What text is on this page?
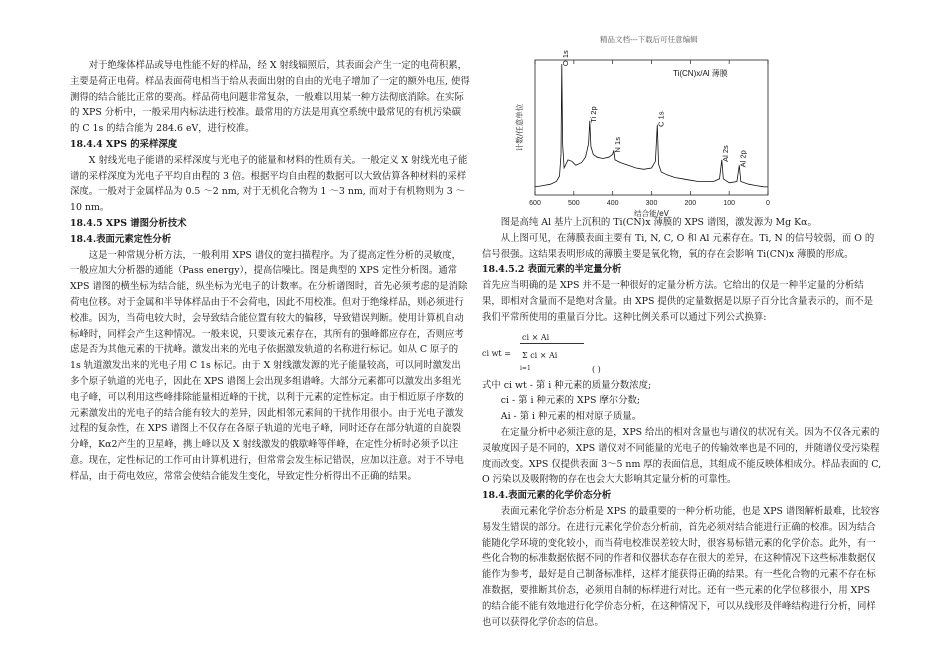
精品文档---下载后可任意编辑

对于绝缘体样品或导电性能不好的样品，经 X 射线辐照后，其表面会产生一定的电荷积累，主要是荷正电荷。样品表面荷电相当于给从表面出射的自由的光电子增加了一定的额外电压, 使得测得的结合能比正常的要高。样品荷电问题非常复杂，一般难以用某一种方法彻底消除。在实际的 XPS 分析中，一般采用内标法进行校准。最常用的方法是用真空系统中最常见的有机污染碳的 C 1s 的结合能为 284.6 eV，进行校准。

18.4.4 XPS 的采样深度

X 射线光电子能谱的采样深度与光电子的能量和材料的性质有关。一般定义 X 射线光电子能谱的采样深度为光电子平均自由程的 3 倍。根据平均自由程的数据可以大致估算各种材料的采样深度。一般对于金属样品为 0.5 ～2 nm, 对于无机化合物为 1 ～3 nm, 而对于有机物则为 3 ～10 nm。

18.4.5 XPS 谱图分析技术

18.4.表面元素定性分析

这是一种常规分析方法，一般利用 XPS 谱仪的宽扫描程序。为了提高定性分析的灵敏度，一般应加大分析器的通能（Pass energy），提高信噪比。图是典型的 XPS 定性分析图。通常 XPS 谱图的横坐标为结合能，纵坐标为光电子的计数率。在分析谱图时，首先必须考虑的是消除荷电位移。对于金属和半导体样品由于不会荷电，因此不用校准。但对于绝缘样品，则必须进行校准。因为，当荷电较大时，会导致结合能位置有较大的偏移，导致错误判断。使用计算机自动标峰时，同样会产生这种情况。一般来说，只要该元素存在，其所有的强峰都应存在，否则应考虑是否为其他元素的干扰峰。激发出来的光电子依据激发轨道的名称进行标记。如从 C 原子的 1s 轨道激发出来的光电子用 C 1s 标记。由于 X 射线激发源的光子能量较高，可以同时激发出多个原子轨道的光电子，因此在 XPS 谱图上会出现多组谱峰。大部分元素都可以激发出多组光电子峰，可以利用这些峰排除能量相近峰的干扰，以利于元素的定性标定。由于相近原子序数的元素激发出的光电子的结合能有较大的差异，因此相邻元素间的干扰作用很小。由于光电子激发过程的复杂性，在 XPS 谱图上不仅存在各原子轨道的光电子峰，同时还存在部分轨道的自旋裂分峰，Kα2产生的卫星峰，携上峰以及 X 射线激发的俄歇峰等伴峰，在定性分析时必须予以注意。现在，定性标记的工作可由计算机进行，但常常会发生标记错误，应加以注意。对于不导电样品，由于荷电效应，常常会使结合能发生变化，导致定性分析得出不正确的结果。

600	500	400	300	200	100	0
O 1s
Ti 2p
N 1s
C 1s
Al 2s Al 2p
Ti(CN)x/Al 薄膜
结合能/eV
计数/任意单位

图是高纯 Al 基片上沉积的 Ti(CN)x 薄膜的 XPS 谱图，激发源为 Mg Kα。

从上图可见，在薄膜表面主要有 Ti, N, C, O 和 Al 元素存在。Ti, N 的信号较弱，而 O 的信号很强。这结果表明形成的薄膜主要是氧化物，氧的存在会影响 Ti(CN)x 薄膜的形成。

18.4.5.2 表面元素的半定量分析

首先应当明确的是 XPS 并不是一种很好的定量分析方法。它给出的仅是一种半定量的分析结果，即相对含量而不是绝对含量。由 XPS 提供的定量数据是以原子百分比含量表示的，而不是我们平常所使用的重量百分比。这种比例关系可以通过下列公式换算:

ci wt =
ci × Ai
Σ ci × Ai
i=1	( )

式中 ci wt - 第 i 种元素的质量分数浓度;

ci - 第 i 种元素的 XPS 摩尔分数;

Ai - 第 i 种元素的相对原子质量。

在定量分析中必须注意的是，XPS 给出的相对含量也与谱仪的状况有关。因为不仅各元素的灵敏度因子是不同的，XPS 谱仪对不同能量的光电子的传输效率也是不同的，并随谱仪受污染程度而改变。XPS 仅提供表面 3～5 nm 厚的表面信息，其组成不能反映体相成分。样品表面的 C, O 污染以及吸附物的存在也会大大影响其定量分析的可靠性。

18.4.表面元素的化学价态分析

表面元素化学价态分析是 XPS 的最重要的一种分析功能，也是 XPS 谱图解析最难，比较容易发生错误的部分。在进行元素化学价态分析前，首先必须对结合能进行正确的校准。因为结合能随化学环境的变化较小，而当荷电校准误差较大时，很容易标错元素的化学价态。此外，有一些化合物的标准数据依据不同的作者和仪器状态存在很大的差异，在这种情况下这些标准数据仅能作为参考，最好是自己制备标准样，这样才能获得正确的结果。有一些化合物的元素不存在标准数据，要推断其价态，必须用自制的标样进行对比。还有一些元素的化学位移很小，用 XPS 的结合能不能有效地进行化学价态分析，在这种情况下，可以从线形及伴峰结构进行分析，同样也可以获得化学价态的信息。
